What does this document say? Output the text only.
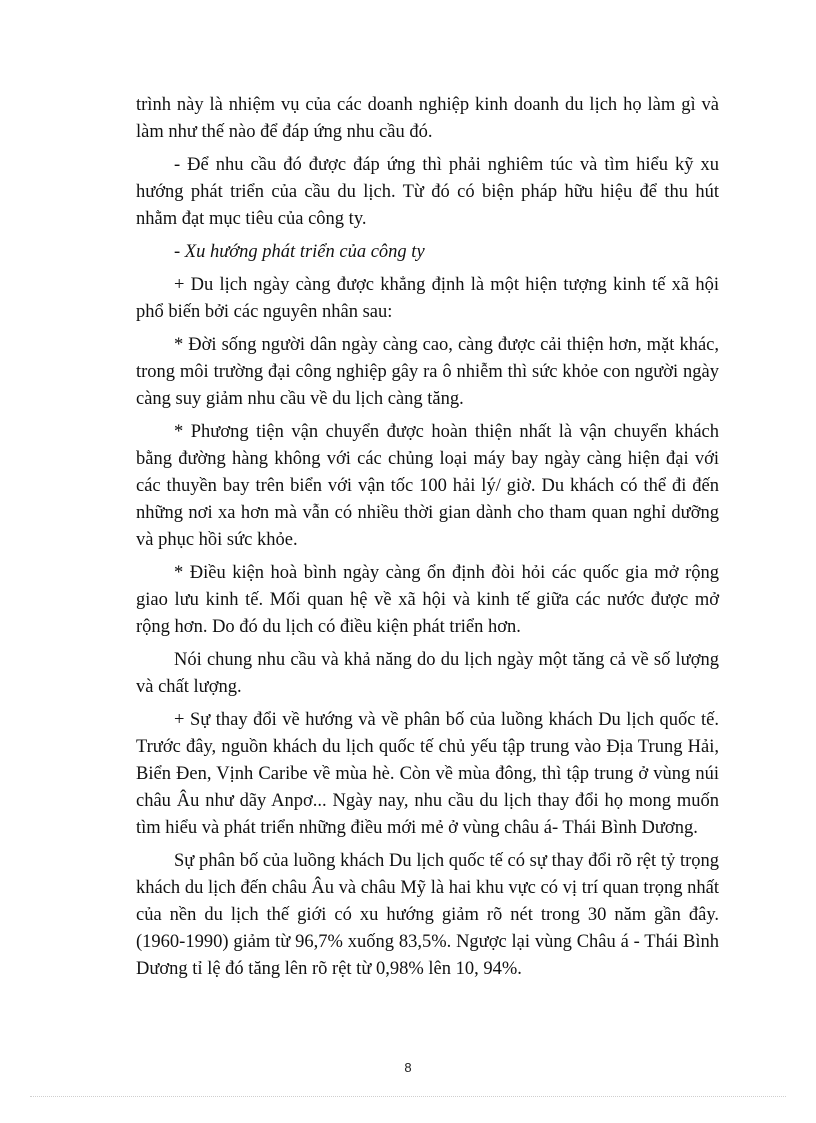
trình này là nhiệm vụ của các doanh nghiệp kinh doanh du lịch họ làm gì và làm như thế nào để đáp ứng nhu cầu đó.

- Để nhu cầu đó được đáp ứng thì phải nghiêm túc và tìm hiểu kỹ xu hướng phát triển của cầu du lịch. Từ đó có biện pháp hữu hiệu để thu hút nhằm đạt mục tiêu của công ty.

- Xu hướng phát triển của công ty

+ Du lịch ngày càng được khẳng định là một hiện tượng kinh tế xã hội phổ biến bởi các nguyên nhân sau:

* Đời sống người dân ngày càng cao, càng được cải thiện hơn, mặt khác, trong môi trường đại công nghiệp gây ra ô nhiễm thì sức khỏe con người ngày càng suy giảm nhu cầu về du lịch càng tăng.

* Phương tiện vận chuyển được hoàn thiện nhất là vận chuyển khách bằng đường hàng không với các chủng loại máy bay ngày càng hiện đại với các thuyền bay trên biển với vận tốc 100 hải lý/ giờ. Du khách có thể đi đến những nơi xa hơn mà vẫn có nhiều thời gian dành cho tham quan nghỉ dưỡng và phục hồi sức khỏe.

* Điều kiện hoà bình ngày càng ổn định đòi hỏi các quốc gia mở rộng giao lưu kinh tế. Mối quan hệ về xã hội và kinh tế giữa các nước được mở rộng hơn. Do đó du lịch có điều kiện phát triển hơn.

Nói chung nhu cầu và khả năng do du lịch ngày một tăng cả về số lượng và chất lượng.

+ Sự thay đổi về hướng và về phân bố của luồng khách Du lịch quốc tế. Trước đây, nguồn khách du lịch quốc tế chủ yếu tập trung vào Địa Trung Hải, Biển Đen, Vịnh Caribe về mùa hè. Còn về mùa đông, thì tập trung ở vùng núi châu Âu như dãy Anpơ... Ngày nay, nhu cầu du lịch thay đổi họ mong muốn tìm hiểu và phát triển những điều mới mẻ ở vùng châu á- Thái Bình Dương.

Sự phân bố của luồng khách Du lịch quốc tế có sự thay đổi rõ rệt tỷ trọng khách du lịch đến châu Âu và châu Mỹ là hai khu vực có vị trí quan trọng nhất của nền du lịch thế giới có xu hướng giảm rõ nét trong 30 năm gần đây. (1960-1990) giảm từ 96,7% xuống 83,5%. Ngược lại vùng Châu á - Thái Bình Dương tỉ lệ đó tăng lên rõ rệt từ 0,98% lên 10, 94%.

8
